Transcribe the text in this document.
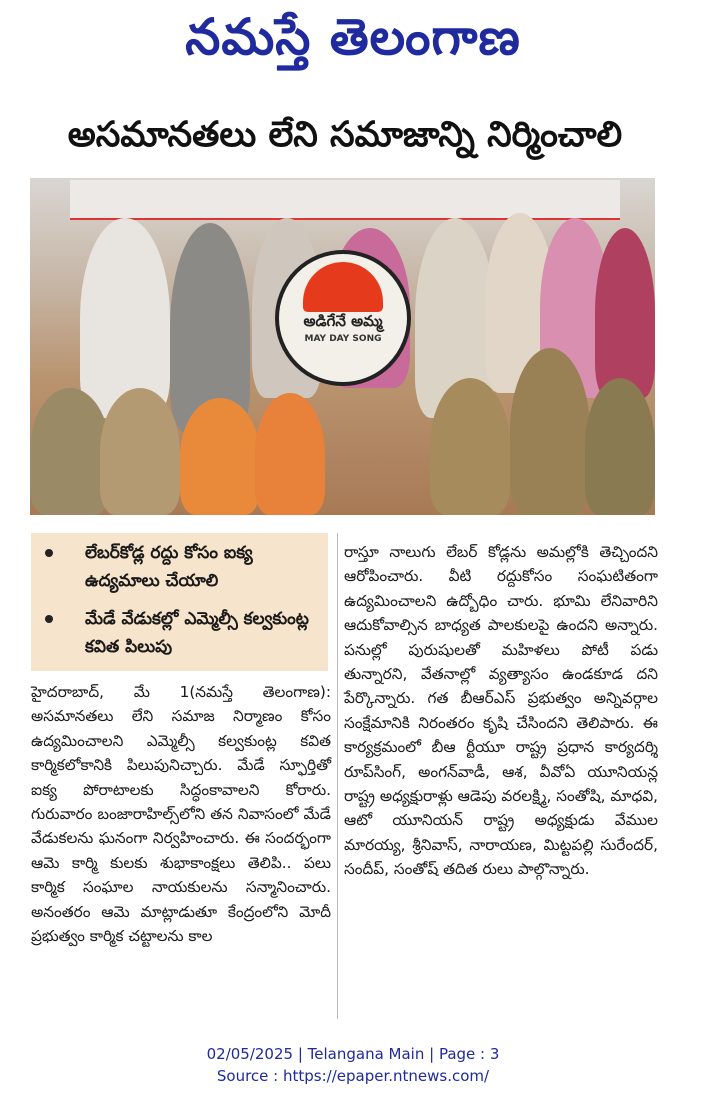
నమస్తే తెలంగాణ
అసమానతలు లేని సమాజాన్ని నిర్మించాలి
అడిగేనే అమ్మ
MAY DAY SONG
లేబర్‌కోడ్ల రద్దు కోసం ఐక్య ఉద్యమాలు చేయాలి
మేడే వేడుకల్లో ఎమ్మెల్సీ కల్వకుంట్ల కవిత పిలుపు

హైదరాబాద్, మే 1(నమస్తే తెలంగాణ): అసమానతలు లేని సమాజ నిర్మాణం కోసం ఉద్యమించాలని ఎమ్మెల్సీ కల్వకుంట్ల కవిత కార్మికలోకానికి పిలుపునిచ్చారు. మేడే స్ఫూర్తితో ఐక్య పోరాటాలకు సిద్ధంకావాలని కోరారు. గురువారం బంజారాహిల్స్‌లోని తన నివాసంలో మేడే వేడుకలను ఘనంగా నిర్వహించారు. ఈ సందర్భంగా ఆమె కార్మి కులకు శుభాకాంక్షలు తెలిపి.. పలు కార్మిక సంఘాల నాయకులను సన్మానించారు. అనంతరం ఆమె మాట్లాడుతూ కేంద్రంలోని మోదీ ప్రభుత్వం కార్మిక చట్టాలను కాల

రాస్తూ నాలుగు లేబర్ కోడ్లను అమల్లోకి తెచ్చిందని ఆరోపించారు. వీటి రద్దుకోసం సంఘటితంగా ఉద్యమించాలని ఉద్బోధిం చారు. భూమి లేనివారిని ఆదుకోవాల్సిన బాధ్యత పాలకులపై ఉందని అన్నారు. పనుల్లో పురుషులతో మహిళలు పోటీ పడు తున్నారని, వేతనాల్లో వ్యత్యాసం ఉండకూడ దని పేర్కొన్నారు. గత బీఆర్‌ఎస్ ప్రభుత్వం అన్నివర్గాల సంక్షేమానికి నిరంతరం కృషి చేసిందని తెలిపారు. ఈ కార్యక్రమంలో బీఆ ర్టీయూ రాష్ట్ర ప్రధాన కార్యదర్శి రూప్‌సింగ్, అంగన్‌వాడీ, ఆశ, వీవోఏ యూనియన్ల రాష్ట్ర అధ్యక్షురాళ్లు ఆడెపు వరలక్ష్మి, సంతోషి, మాధవి, ఆటో యూనియన్ రాష్ట్ర అధ్యక్షుడు వేముల మారయ్య, శ్రీనివాస్, నారాయణ, మిట్టపల్లి సురేందర్, సందీప్, సంతోష్ తదిత రులు పాల్గొన్నారు.

02/05/2025 | Telangana Main | Page : 3
Source : https://epaper.ntnews.com/
